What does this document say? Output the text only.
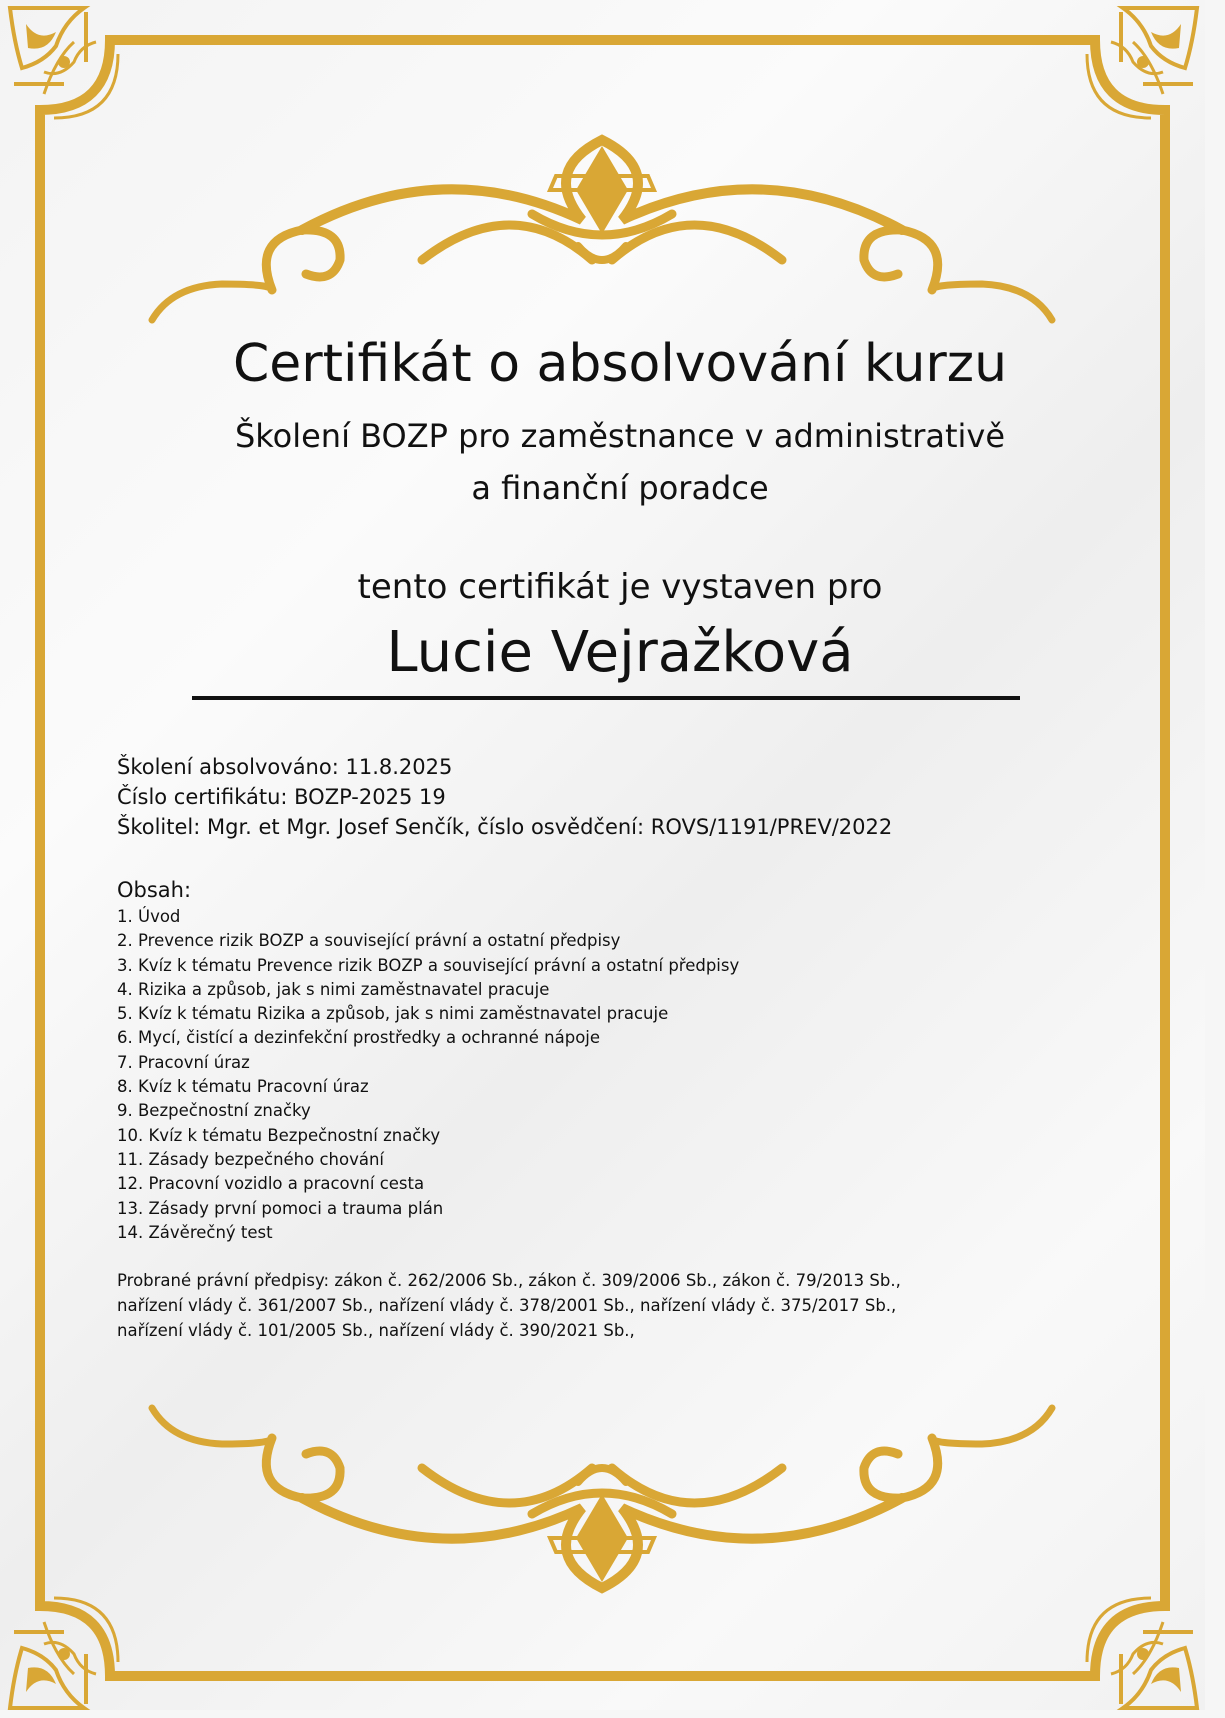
Certifikát o absolvování kurzu
Školení BOZP pro zaměstnance v administrativě
a finanční poradce
tento certifikát je vystaven pro
Lucie Vejražková
Školení absolvováno: 11.8.2025
Číslo certifikátu: BOZP-2025 19
Školitel: Mgr. et Mgr. Josef Senčík, číslo osvědčení: ROVS/1191/PREV/2022
Obsah:
1. Úvod
2. Prevence rizik BOZP a související právní a ostatní předpisy
3. Kvíz k tématu Prevence rizik BOZP a související právní a ostatní předpisy
4. Rizika a způsob, jak s nimi zaměstnavatel pracuje
5. Kvíz k tématu Rizika a způsob, jak s nimi zaměstnavatel pracuje
6. Mycí, čistící a dezinfekční prostředky a ochranné nápoje
7. Pracovní úraz
8. Kvíz k tématu Pracovní úraz
9. Bezpečnostní značky
10. Kvíz k tématu Bezpečnostní značky
11. Zásady bezpečného chování
12. Pracovní vozidlo a pracovní cesta
13. Zásady první pomoci a trauma plán
14. Závěrečný test
Probrané právní předpisy: zákon č. 262/2006 Sb., zákon č. 309/2006 Sb., zákon č. 79/2013 Sb.,
nařízení vlády č. 361/2007 Sb., nařízení vlády č. 378/2001 Sb., nařízení vlády č. 375/2017 Sb.,
nařízení vlády č. 101/2005 Sb., nařízení vlády č. 390/2021 Sb.,
